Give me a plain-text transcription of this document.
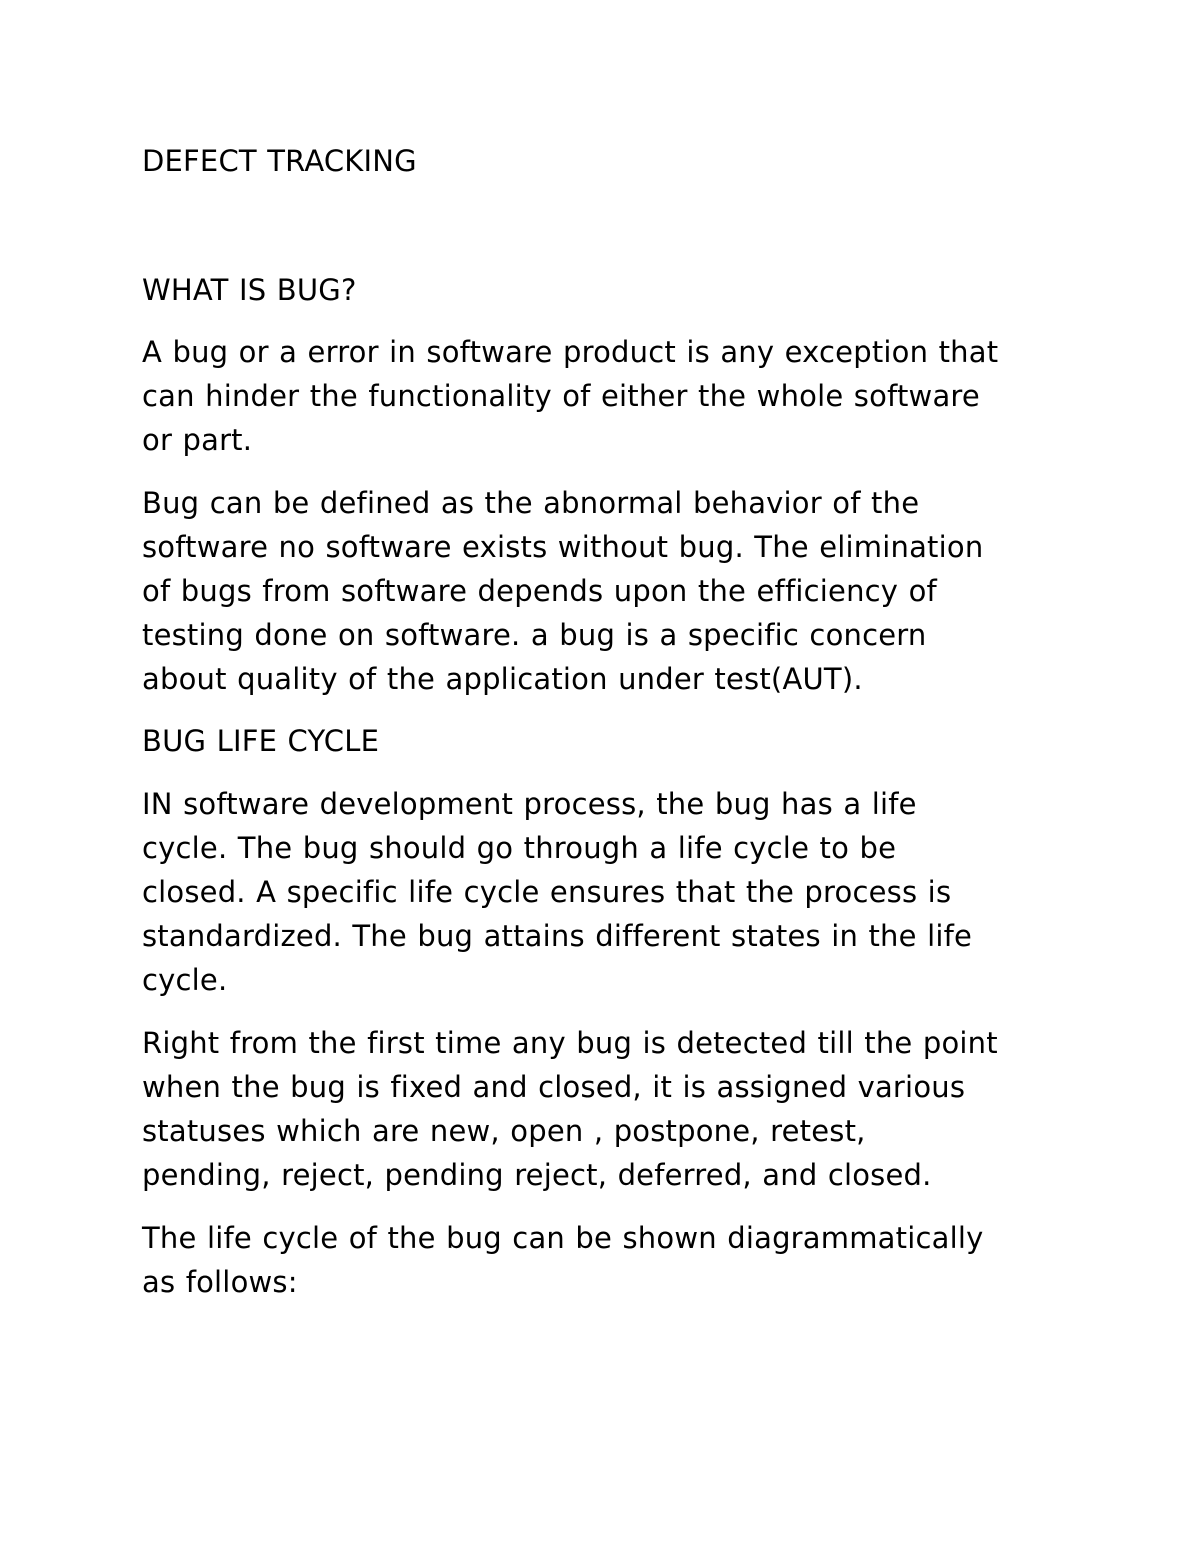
DEFECT TRACKING

WHAT IS BUG?

A bug or a error in software product is any exception that
can hinder the functionality of either the whole software
or part.

Bug can be defined as the abnormal behavior of the
software no software exists without bug. The elimination
of bugs from software depends upon the efficiency of
testing done on software. a bug is a specific concern
about quality of the application under test(AUT).

BUG LIFE CYCLE

IN software development process, the bug has a life
cycle. The bug should go through a life cycle to be
closed. A specific life cycle ensures that the process is
standardized. The bug attains different states in the life
cycle.

Right from the first time any bug is detected till the point
when the bug is fixed and closed, it is assigned various
statuses which are new, open , postpone, retest,
pending, reject, pending reject, deferred, and closed.

The life cycle of the bug can be shown diagrammatically
as follows:
